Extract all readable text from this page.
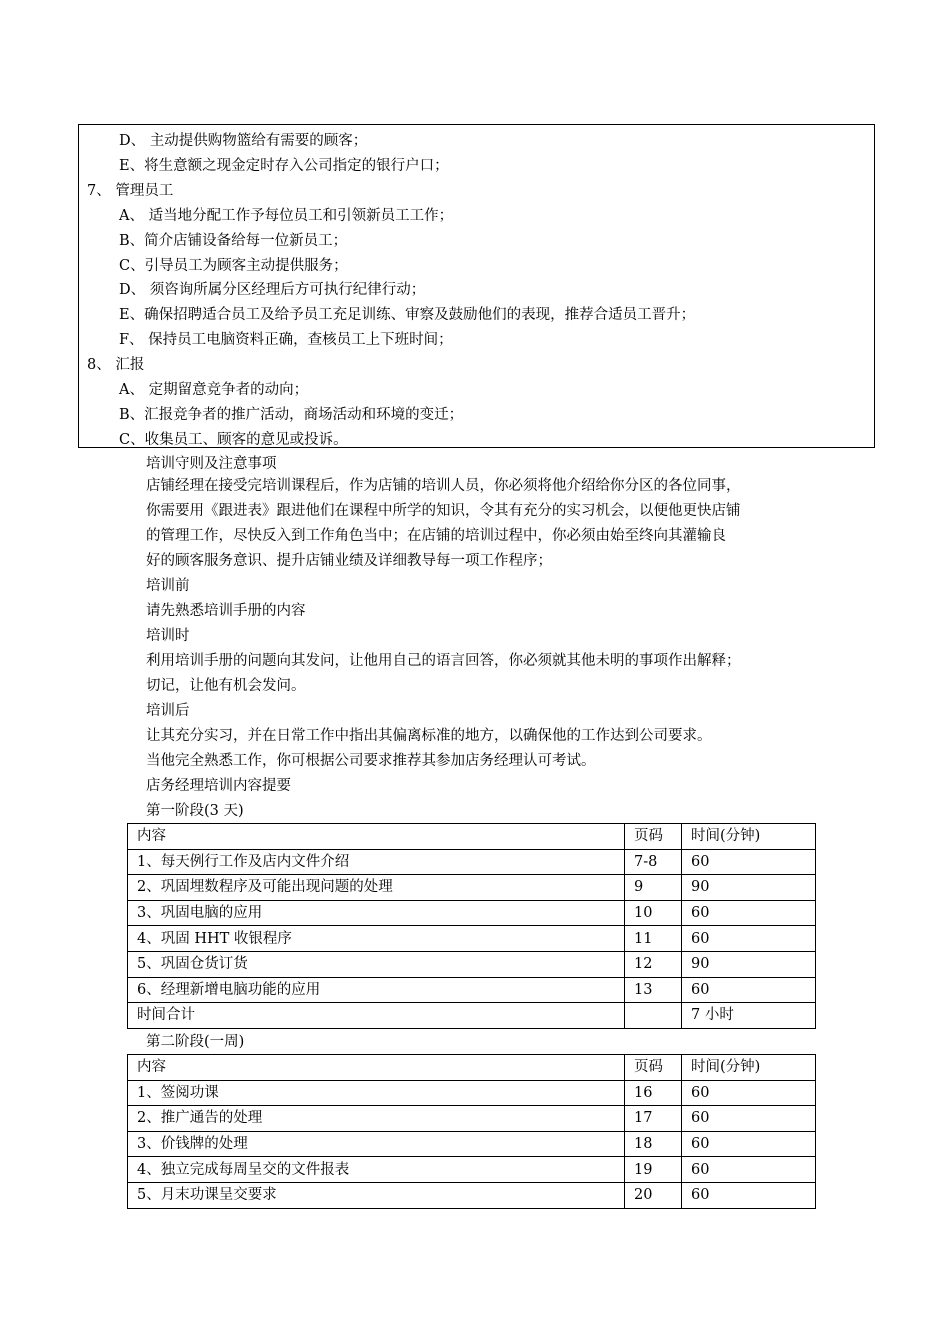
D、 主动提供购物篮给有需要的顾客；
E、将生意额之现金定时存入公司指定的银行户口；
7、 管理员工
A、 适当地分配工作予每位员工和引领新员工工作；
B、简介店铺设备给每一位新员工；
C、引导员工为顾客主动提供服务；
D、 须咨询所属分区经理后方可执行纪律行动；
E、确保招聘适合员工及给予员工充足训练、审察及鼓励他们的表现，推荐合适员工晋升；
F、 保持员工电脑资料正确，查核员工上下班时间；
8、 汇报
A、 定期留意竞争者的动向；
B、汇报竞争者的推广活动，商场活动和环境的变迁；
C、收集员工、顾客的意见或投诉。
培训守则及注意事项
店铺经理在接受完培训课程后，作为店铺的培训人员，你必须将他介绍给你分区的各位同事，
你需要用《跟进表》跟进他们在课程中所学的知识，令其有充分的实习机会，以便他更快店铺
的管理工作，尽快反入到工作角色当中；在店铺的培训过程中，你必须由始至终向其灌输良
好的顾客服务意识、提升店铺业绩及详细教导每一项工作程序；
培训前
请先熟悉培训手册的内容
培训时
利用培训手册的问题向其发问，让他用自己的语言回答，你必须就其他未明的事项作出解释；
切记，让他有机会发问。
培训后
让其充分实习，并在日常工作中指出其偏离标准的地方，以确保他的工作达到公司要求。
当他完全熟悉工作，你可根据公司要求推荐其参加店务经理认可考试。
店务经理培训内容提要
第一阶段(3 天)
内容	页码	时间(分钟)
1、每天例行工作及店内文件介绍	7-8	60
2、巩固埋数程序及可能出现问题的处理	9	90
3、巩固电脑的应用	10	60
4、巩固 HHT 收银程序	11	60
5、巩固仓货订货	12	90
6、经理新增电脑功能的应用	13	60
时间合计		7 小时
第二阶段(一周)
内容	页码	时间(分钟)
1、签阅功课	16	60
2、推广通告的处理	17	60
3、价钱牌的处理	18	60
4、独立完成每周呈交的文件报表	19	60
5、月末功课呈交要求	20	60
